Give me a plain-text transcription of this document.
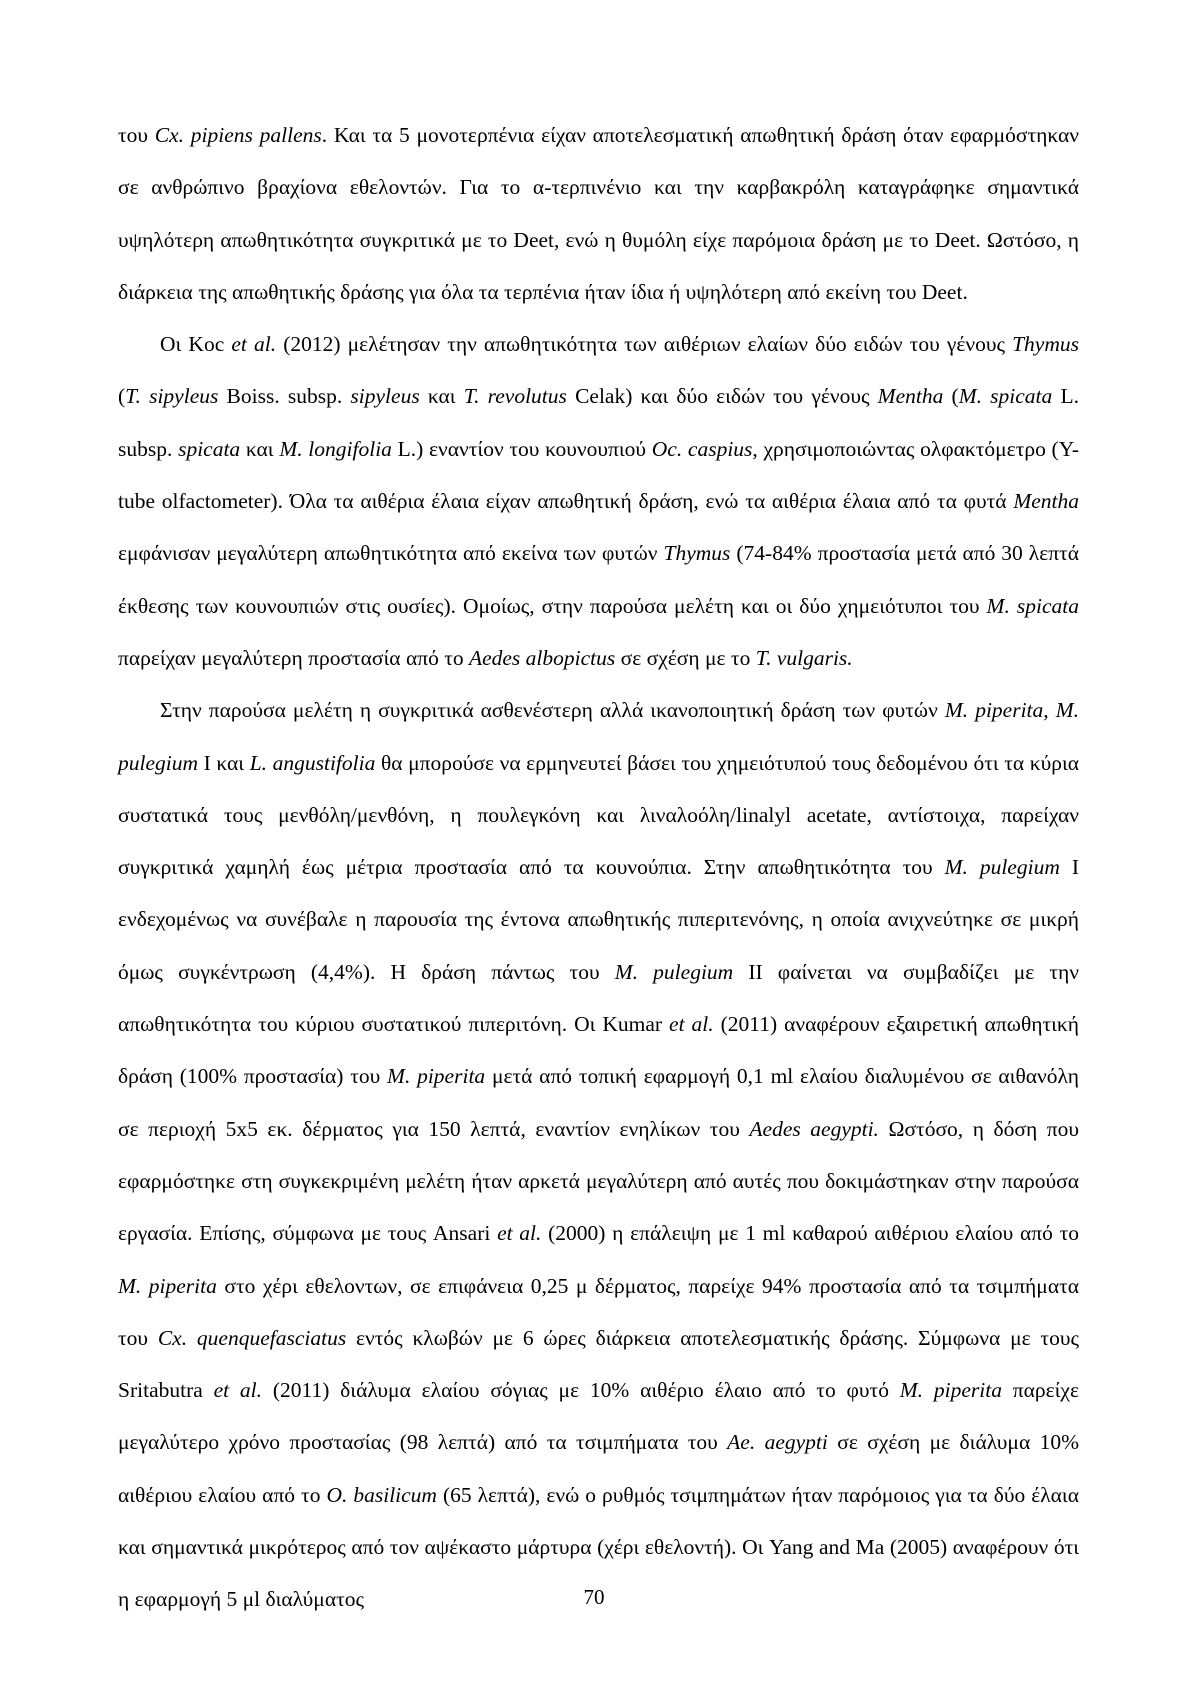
του Cx. pipiens pallens. Και τα 5 μονοτερπένια είχαν αποτελεσματική απωθητική δράση όταν εφαρμόστηκαν σε ανθρώπινο βραχίονα εθελοντών. Για το α-τερπινένιο και την καρβακρόλη καταγράφηκε σημαντικά υψηλότερη απωθητικότητα συγκριτικά με το Deet, ενώ η θυμόλη είχε παρόμοια δράση με το Deet. Ωστόσο, η διάρκεια της απωθητικής δράσης για όλα τα τερπένια ήταν ίδια ή υψηλότερη από εκείνη του Deet.

Οι Koc et al. (2012) μελέτησαν την απωθητικότητα των αιθέριων ελαίων δύο ειδών του γένους Thymus (T. sipyleus Boiss. subsp. sipyleus και T. revolutus Celak) και δύο ειδών του γένους Mentha (M. spicata L. subsp. spicata και M. longifolia L.) εναντίον του κουνουπιού Oc. caspius, χρησιμοποιώντας ολφακτόμετρο (Y-tube olfactometer). Όλα τα αιθέρια έλαια είχαν απωθητική δράση, ενώ τα αιθέρια έλαια από τα φυτά Mentha εμφάνισαν μεγαλύτερη απωθητικότητα από εκείνα των φυτών Thymus (74-84% προστασία μετά από 30 λεπτά έκθεσης των κουνουπιών στις ουσίες). Ομοίως, στην παρούσα μελέτη και οι δύο χημειότυποι του M. spicata παρείχαν μεγαλύτερη προστασία από το Aedes albopictus σε σχέση με το T. vulgaris.

Στην παρούσα μελέτη η συγκριτικά ασθενέστερη αλλά ικανοποιητική δράση των φυτών M. piperita, M. pulegium I και L. angustifolia θα μπορούσε να ερμηνευτεί βάσει του χημειότυπού τους δεδομένου ότι τα κύρια συστατικά τους μενθόλη/μενθόνη, η πουλεγκόνη και λιναλοόλη/linalyl acetate, αντίστοιχα, παρείχαν συγκριτικά χαμηλή έως μέτρια προστασία από τα κουνούπια. Στην απωθητικότητα του M. pulegium I ενδεχομένως να συνέβαλε η παρουσία της έντονα απωθητικής πιπεριτενόνης, η οποία ανιχνεύτηκε σε μικρή όμως συγκέντρωση (4,4%). Η δράση πάντως του M. pulegium II φαίνεται να συμβαδίζει με την απωθητικότητα του κύριου συστατικού πιπεριτόνη. Οι Kumar et al. (2011) αναφέρουν εξαιρετική απωθητική δράση (100% προστασία) του M. piperita μετά από τοπική εφαρμογή 0,1 ml ελαίου διαλυμένου σε αιθανόλη σε περιοχή 5x5 εκ. δέρματος για 150 λεπτά, εναντίον ενηλίκων του Aedes aegypti. Ωστόσο, η δόση που εφαρμόστηκε στη συγκεκριμένη μελέτη ήταν αρκετά μεγαλύτερη από αυτές που δοκιμάστηκαν στην παρούσα εργασία. Επίσης, σύμφωνα με τους Ansari et al. (2000) η επάλειψη με 1 ml καθαρού αιθέριου ελαίου από το M. piperita στο χέρι εθελοντων, σε επιφάνεια 0,25 μ δέρματος, παρείχε 94% προστασία από τα τσιμπήματα του Cx. quenquefasciatus εντός κλωβών με 6 ώρες διάρκεια αποτελεσματικής δράσης. Σύμφωνα με τους Sritabutra et al. (2011) διάλυμα ελαίου σόγιας με 10% αιθέριο έλαιο από το φυτό M. piperita παρείχε μεγαλύτερο χρόνο προστασίας (98 λεπτά) από τα τσιμπήματα του Ae. aegypti σε σχέση με διάλυμα 10% αιθέριου ελαίου από το O. basilicum (65 λεπτά), ενώ ο ρυθμός τσιμπημάτων ήταν παρόμοιος για τα δύο έλαια και σημαντικά μικρότερος από τον αψέκαστο μάρτυρα (χέρι εθελοντή). Οι Yang and Ma (2005) αναφέρουν ότι η εφαρμογή 5 μl διαλύματος	70
